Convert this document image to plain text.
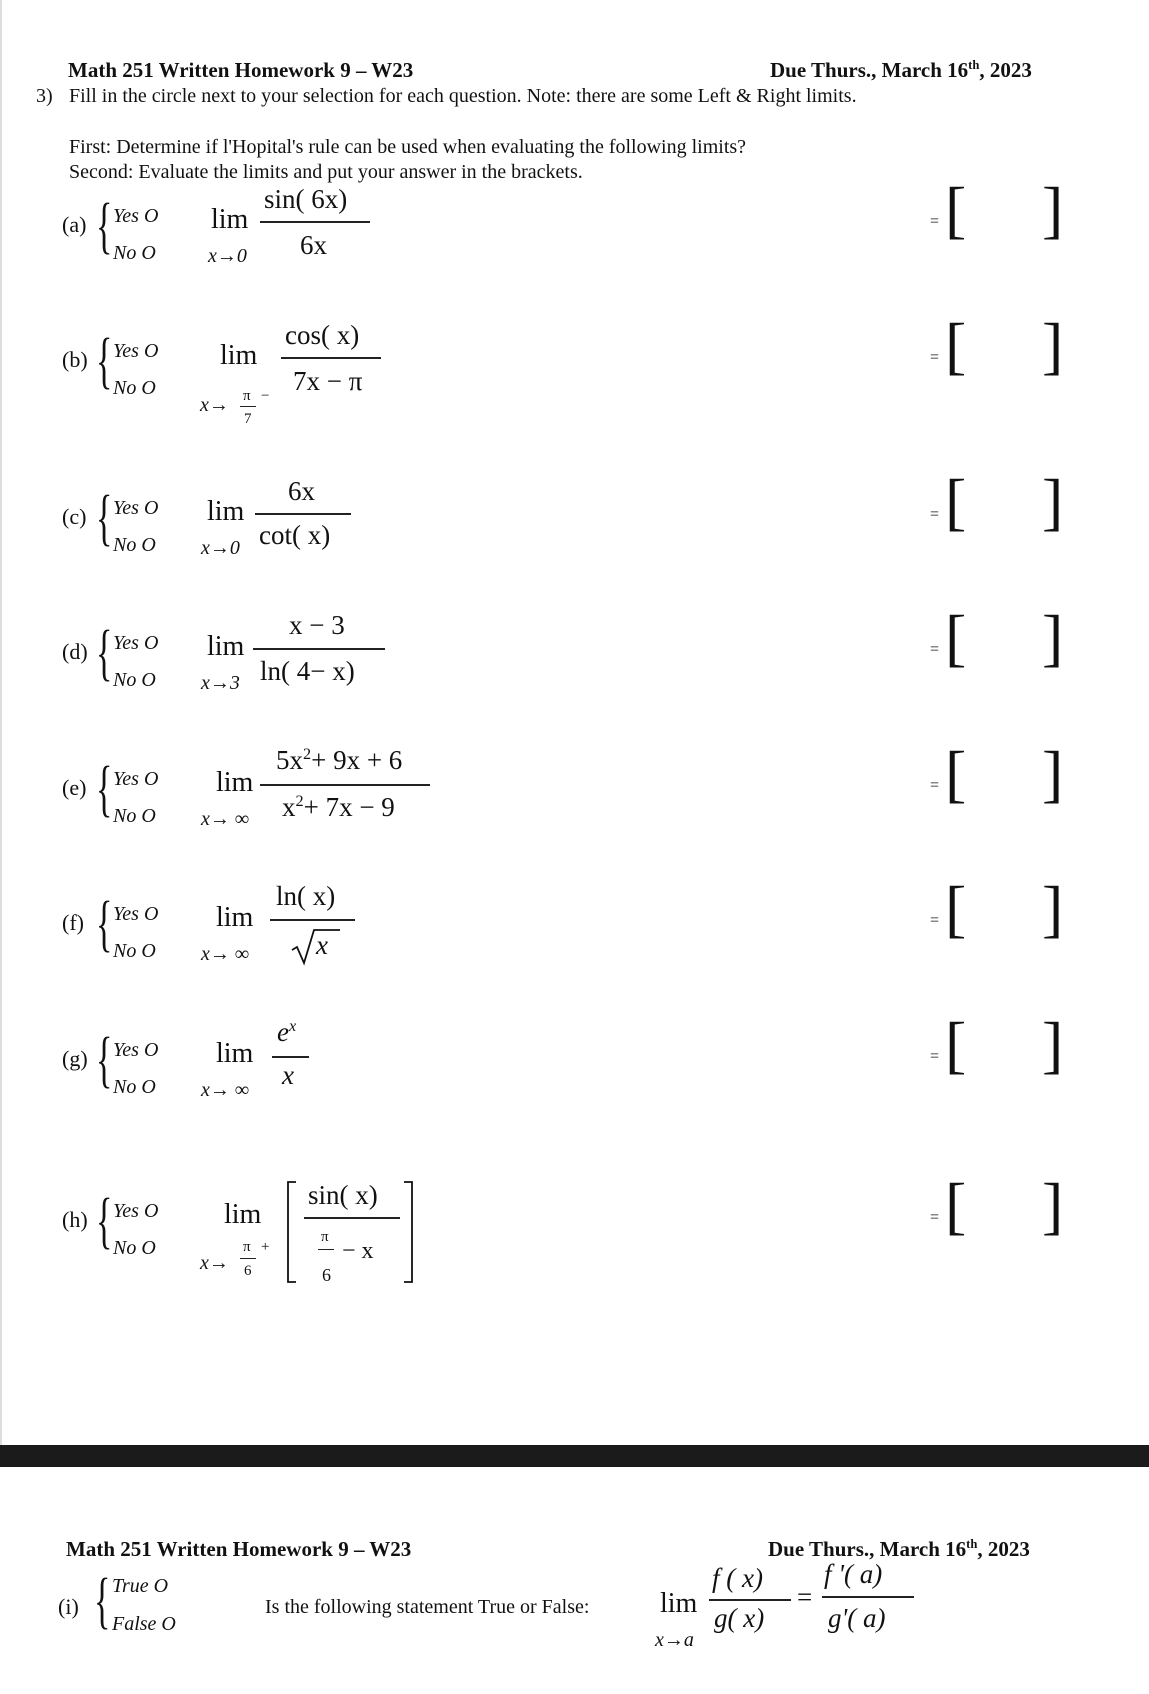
Math 251 Written Homework 9 – W23	Due Thurs., March 16th, 2023
3) Fill in the circle next to your selection for each question. Note: there are some Left & Right limits.
First: Determine if l'Hopital's rule can be used when evaluating the following limits?
Second: Evaluate the limits and put your answer in the brackets.
(a) { Yes O
No O
lim
x→0
sin( 6x)
6x
= [ ]
(b) { Yes O
No O
lim
x→ π
7
−
cos( x)
7x − π
= [ ]
(c) { Yes O
No O
lim
x→0
6x
cot( x)
= [ ]
(d) { Yes O
No O
lim
x→3
x − 3
ln( 4− x)
= [ ]
(e) { Yes O
No O
lim
x→ ∞
$5x^2+ 9x + 6$
$x^2+ 7x - 9$
= [ ]
(f) { Yes O
No O
lim
x→ ∞
ln( x)
x
= [ ]
(g) { Yes O
No O
lim
x→ ∞
$e^x$
x
= [ ]
(h) { Yes O
No O
lim
x→
π
6
+
sin( x)
π
6
− x
= [ ]
Math 251 Written Homework 9 – W23	Due Thurs., March 16th, 2023
(i) { True O
False O
Is the following statement True or False:	lim
x→a
f ( x)
g( x)
=
f '( a)
g'( a)
